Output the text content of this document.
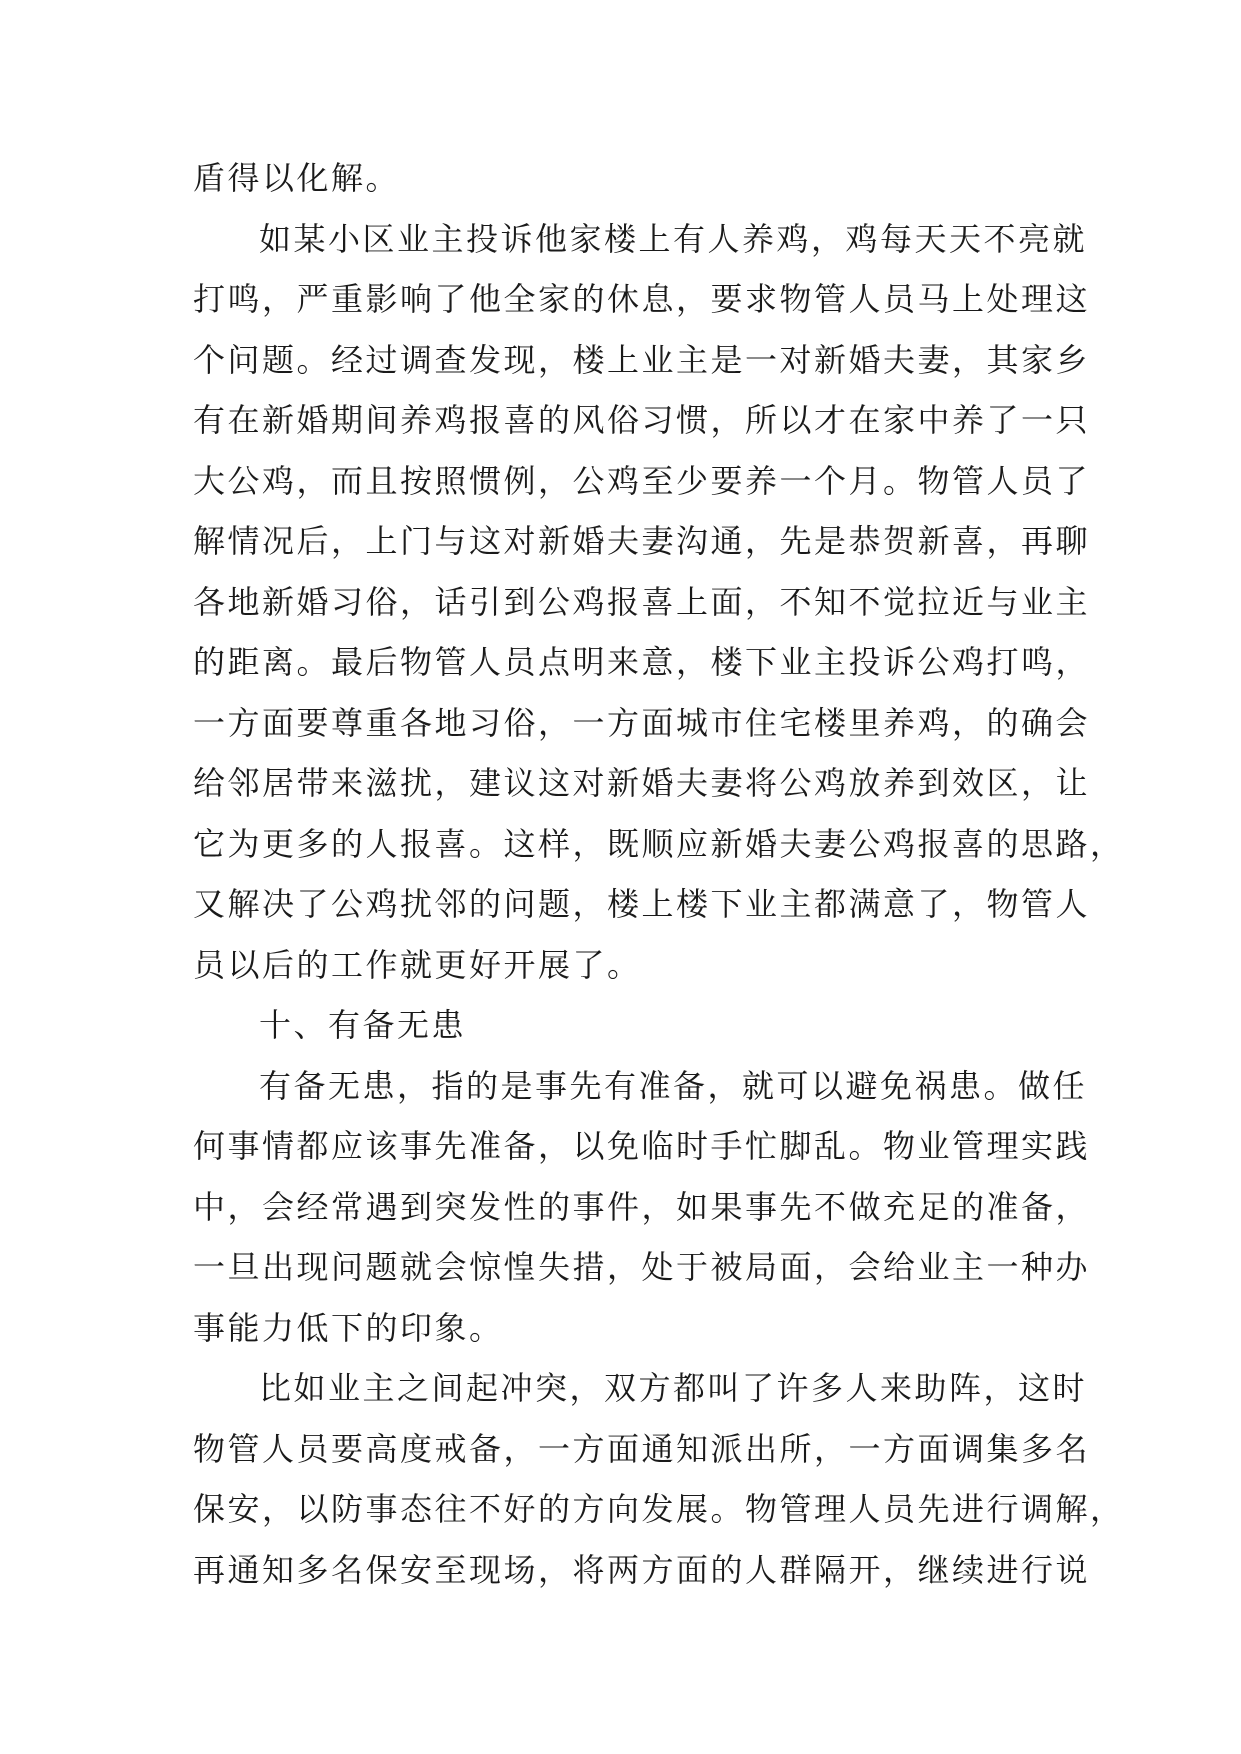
盾得以化解。
如某小区业主投诉他家楼上有人养鸡，鸡每天天不亮就
打鸣，严重影响了他全家的休息，要求物管人员马上处理这
个问题。经过调查发现，楼上业主是一对新婚夫妻，其家乡
有在新婚期间养鸡报喜的风俗习惯，所以才在家中养了一只
大公鸡，而且按照惯例，公鸡至少要养一个月。物管人员了
解情况后，上门与这对新婚夫妻沟通，先是恭贺新喜，再聊
各地新婚习俗，话引到公鸡报喜上面，不知不觉拉近与业主
的距离。最后物管人员点明来意，楼下业主投诉公鸡打鸣，
一方面要尊重各地习俗，一方面城市住宅楼里养鸡，的确会
给邻居带来滋扰，建议这对新婚夫妻将公鸡放养到效区，让
它为更多的人报喜。这样，既顺应新婚夫妻公鸡报喜的思路，
又解决了公鸡扰邻的问题，楼上楼下业主都满意了，物管人
员以后的工作就更好开展了。
十、有备无患
有备无患，指的是事先有准备，就可以避免祸患。做任
何事情都应该事先准备，以免临时手忙脚乱。物业管理实践
中，会经常遇到突发性的事件，如果事先不做充足的准备，
一旦出现问题就会惊惶失措，处于被局面，会给业主一种办
事能力低下的印象。
比如业主之间起冲突，双方都叫了许多人来助阵，这时
物管人员要高度戒备，一方面通知派出所，一方面调集多名
保安，以防事态往不好的方向发展。物管理人员先进行调解，
再通知多名保安至现场，将两方面的人群隔开，继续进行说
